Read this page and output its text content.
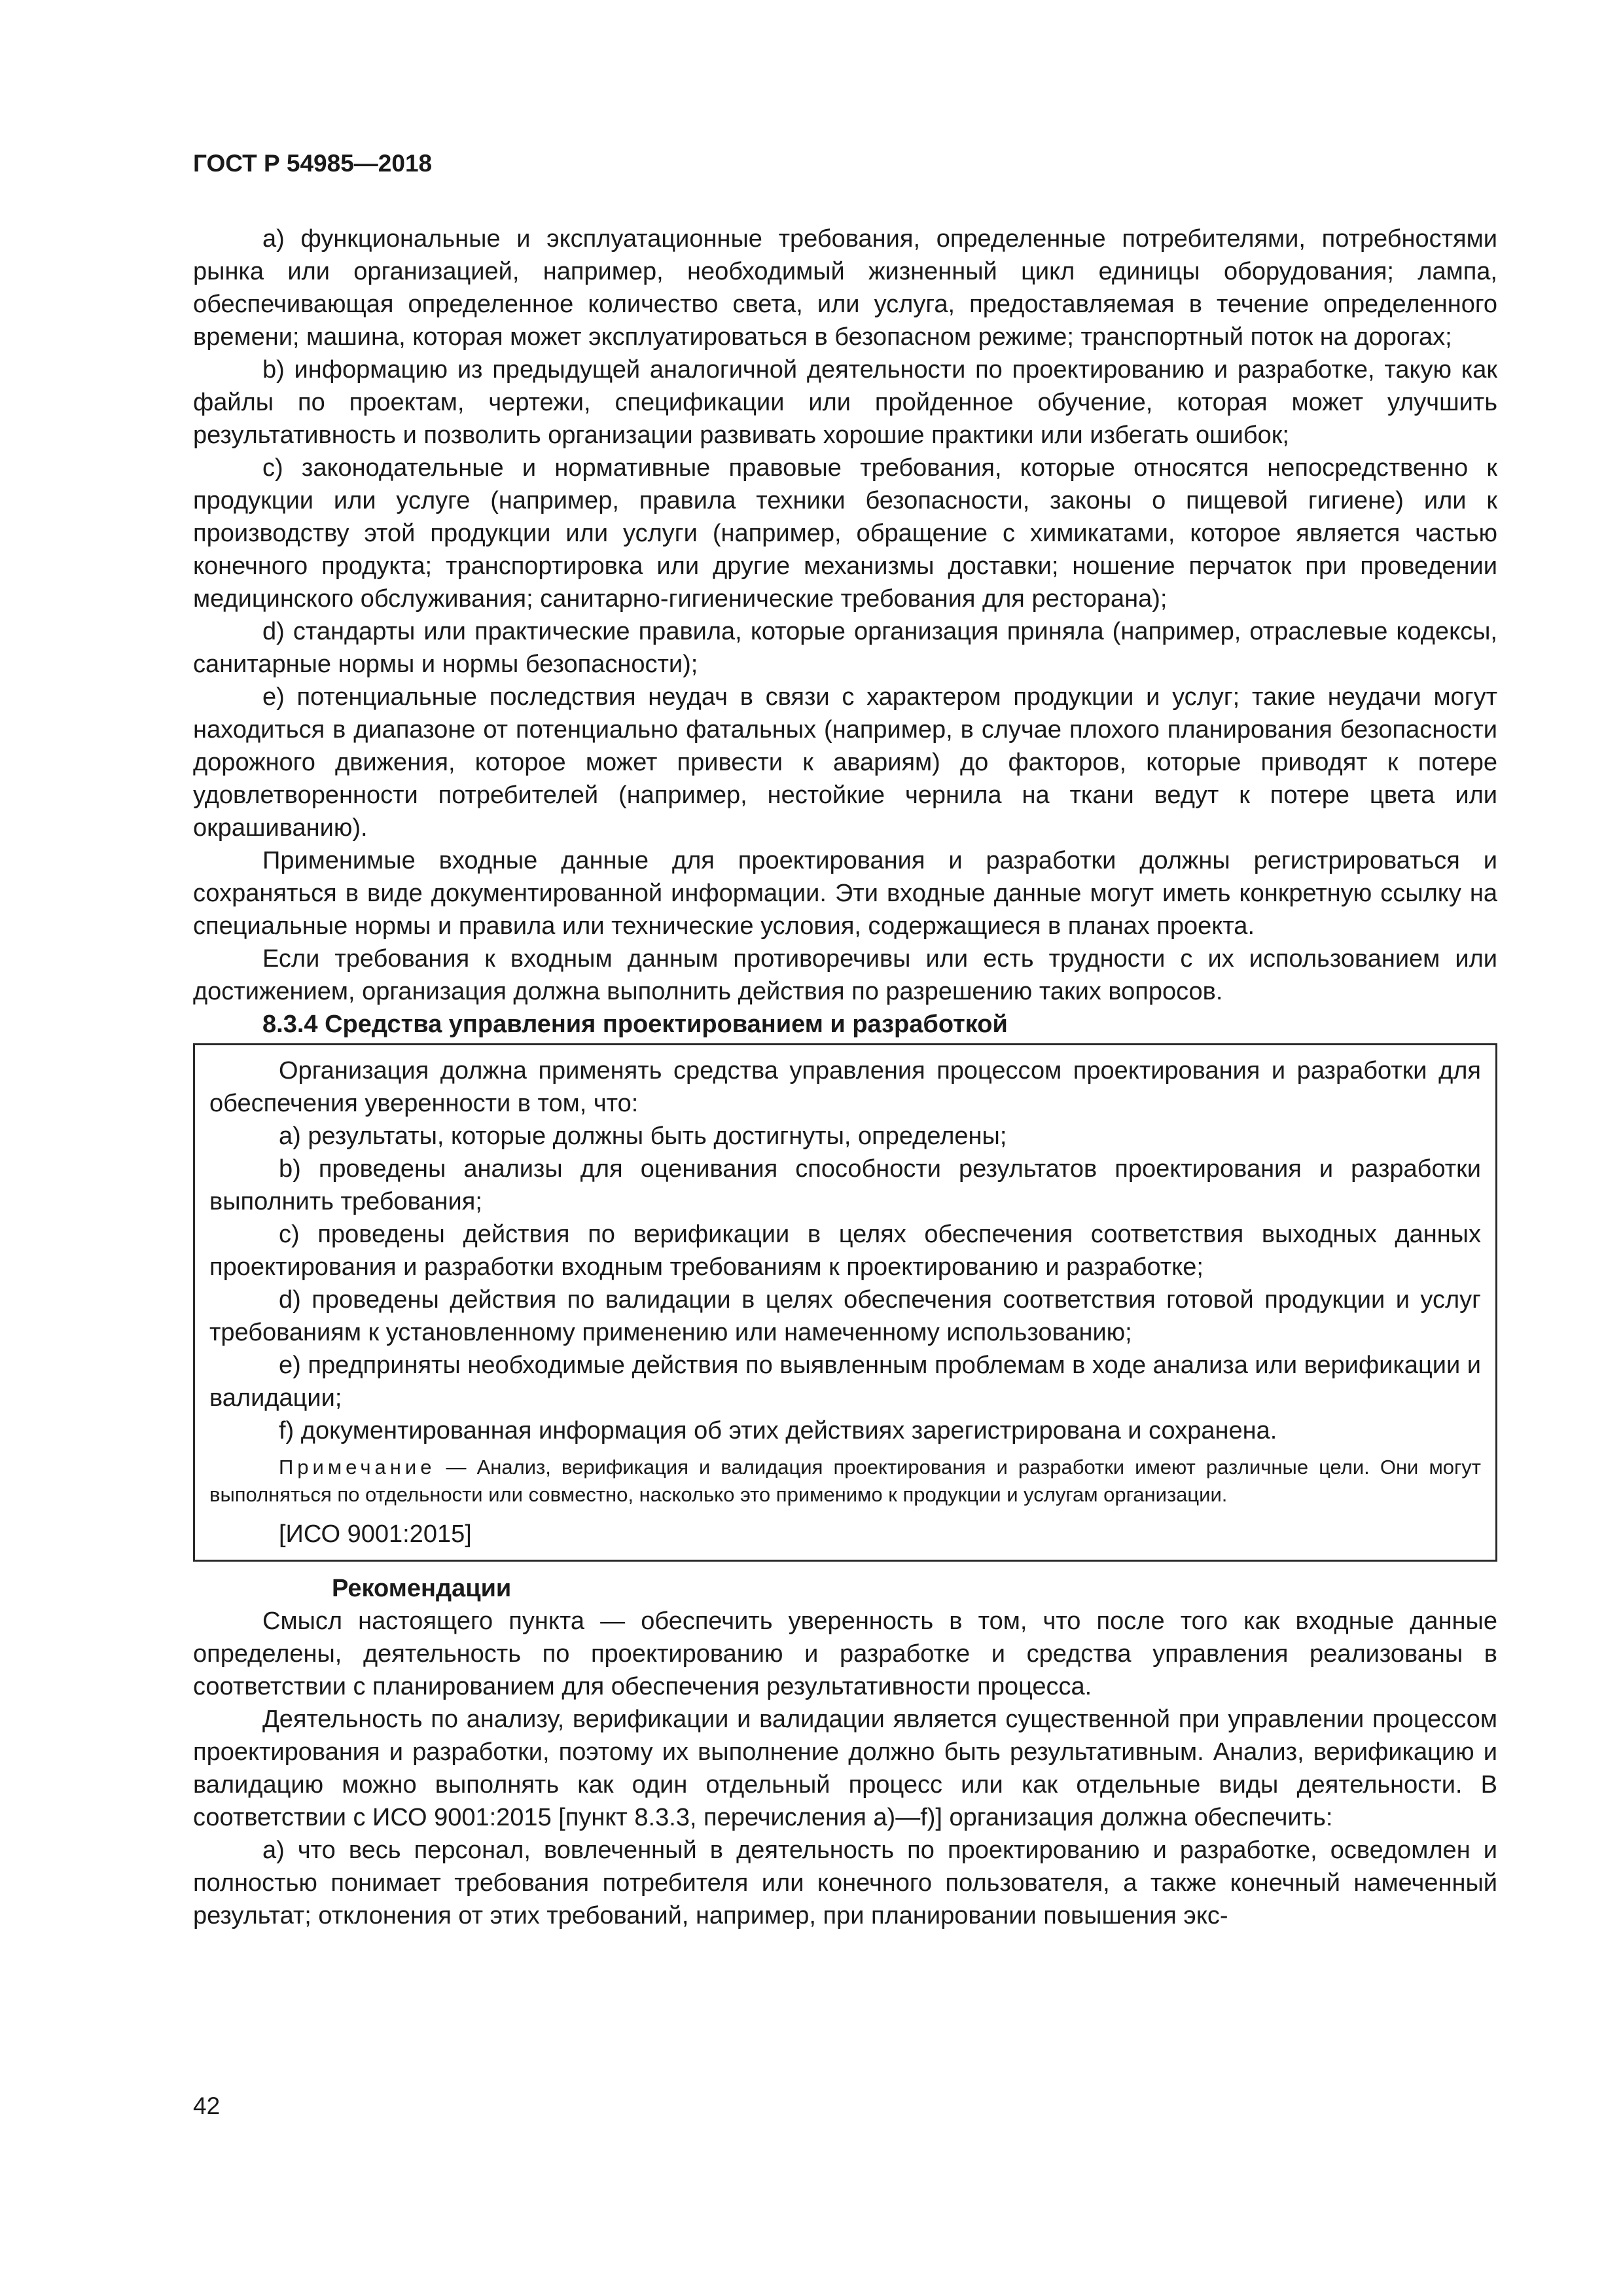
ГОСТ Р 54985—2018

а) функциональные и эксплуатационные требования, определенные потребителями, потребностями рынка или организацией, например, необходимый жизненный цикл единицы оборудования; лампа, обеспечивающая определенное количество света, или услуга, предоставляемая в течение определенного времени; машина, которая может эксплуатироваться в безопасном режиме; транспортный поток на дорогах;

b) информацию из предыдущей аналогичной деятельности по проектированию и разработке, такую как файлы по проектам, чертежи, спецификации или пройденное обучение, которая может улучшить результативность и позволить организации развивать хорошие практики или избегать ошибок;

c) законодательные и нормативные правовые требования, которые относятся непосредственно к продукции или услуге (например, правила техники безопасности, законы о пищевой гигиене) или к производству этой продукции или услуги (например, обращение с химикатами, которое является частью конечного продукта; транспортировка или другие механизмы доставки; ношение перчаток при проведении медицинского обслуживания; санитарно-гигиенические требования для ресторана);

d) стандарты или практические правила, которые организация приняла (например, отраслевые кодексы, санитарные нормы и нормы безопасности);

e) потенциальные последствия неудач в связи с характером продукции и услуг; такие неудачи могут находиться в диапазоне от потенциально фатальных (например, в случае плохого планирования безопасности дорожного движения, которое может привести к авариям) до факторов, которые приводят к потере удовлетворенности потребителей (например, нестойкие чернила на ткани ведут к потере цвета или окрашиванию).

Применимые входные данные для проектирования и разработки должны регистрироваться и сохраняться в виде документированной информации. Эти входные данные могут иметь конкретную ссылку на специальные нормы и правила или технические условия, содержащиеся в планах проекта.

Если требования к входным данным противоречивы или есть трудности с их использованием или достижением, организация должна выполнить действия по разрешению таких вопросов.

8.3.4 Средства управления проектированием и разработкой

Организация должна применять средства управления процессом проектирования и разработки для обеспечения уверенности в том, что:

a) результаты, которые должны быть достигнуты, определены;

b) проведены анализы для оценивания способности результатов проектирования и разработки выполнить требования;

c) проведены действия по верификации в целях обеспечения соответствия выходных данных проектирования и разработки входным требованиям к проектированию и разработке;

d) проведены действия по валидации в целях обеспечения соответствия готовой продукции и услуг требованиям к установленному применению или намеченному использованию;

e) предприняты необходимые действия по выявленным проблемам в ходе анализа или верификации и валидации;

f) документированная информация об этих действиях зарегистрирована и сохранена.

Примечание — Анализ, верификация и валидация проектирования и разработки имеют различные цели. Они могут выполняться по отдельности или совместно, насколько это применимо к продукции и услугам организации.

[ИСО 9001:2015]

Рекомендации

Смысл настоящего пункта — обеспечить уверенность в том, что после того как входные данные определены, деятельность по проектированию и разработке и средства управления реализованы в соответствии с планированием для обеспечения результативности процесса.

Деятельность по анализу, верификации и валидации является существенной при управлении процессом проектирования и разработки, поэтому их выполнение должно быть результативным. Анализ, верификацию и валидацию можно выполнять как один отдельный процесс или как отдельные виды деятельности. В соответствии с ИСО 9001:2015 [пункт 8.3.3, перечисления a)—f)] организация должна обеспечить:

a) что весь персонал, вовлеченный в деятельность по проектированию и разработке, осведомлен и полностью понимает требования потребителя или конечного пользователя, а также конечный намеченный результат; отклонения от этих требований, например, при планировании повышения экс-

42
